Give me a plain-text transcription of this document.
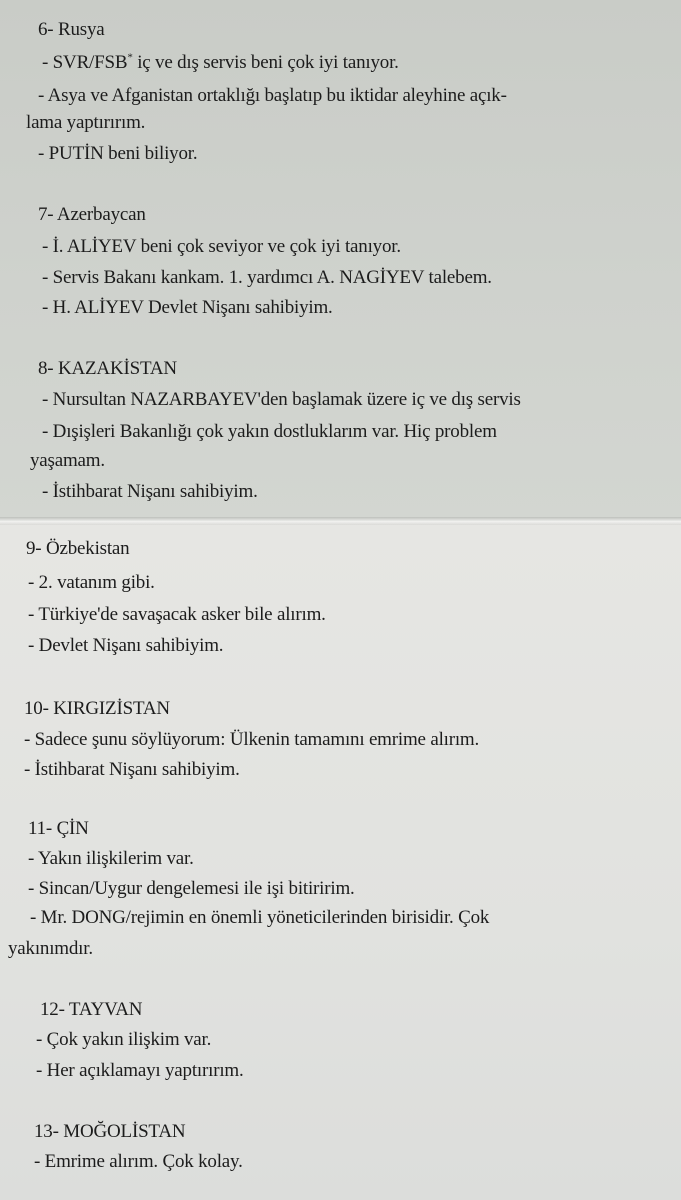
6- Rusya
- SVR/FSB* iç ve dış servis beni çok iyi tanıyor.
- Asya ve Afganistan ortaklığı başlatıp bu iktidar aleyhine açık-
lama yaptırırım.
- PUTİN beni biliyor.
7- Azerbaycan
- İ. ALİYEV beni çok seviyor ve çok iyi tanıyor.
- Servis Bakanı kankam. 1. yardımcı A. NAGİYEV talebem.
- H. ALİYEV Devlet Nişanı sahibiyim.
8- KAZAKİSTAN
- Nursultan NAZARBAYEV'den başlamak üzere iç ve dış servis
- Dışişleri Bakanlığı çok yakın dostluklarım var. Hiç problem
yaşamam.
- İstihbarat Nişanı sahibiyim.
9- Özbekistan
- 2. vatanım gibi.
- Türkiye'de savaşacak asker bile alırım.
- Devlet Nişanı sahibiyim.
10- KIRGIZİSTAN
- Sadece şunu söylüyorum: Ülkenin tamamını emrime alırım.
- İstihbarat Nişanı sahibiyim.
11- ÇİN
- Yakın ilişkilerim var.
- Sincan/Uygur dengelemesi ile işi bitiririm.
- Mr. DONG/rejimin en önemli yöneticilerinden birisidir. Çok
yakınımdır.
12- TAYVAN
- Çok yakın ilişkim var.
- Her açıklamayı yaptırırım.
13- MOĞOLİSTAN
- Emrime alırım. Çok kolay.
